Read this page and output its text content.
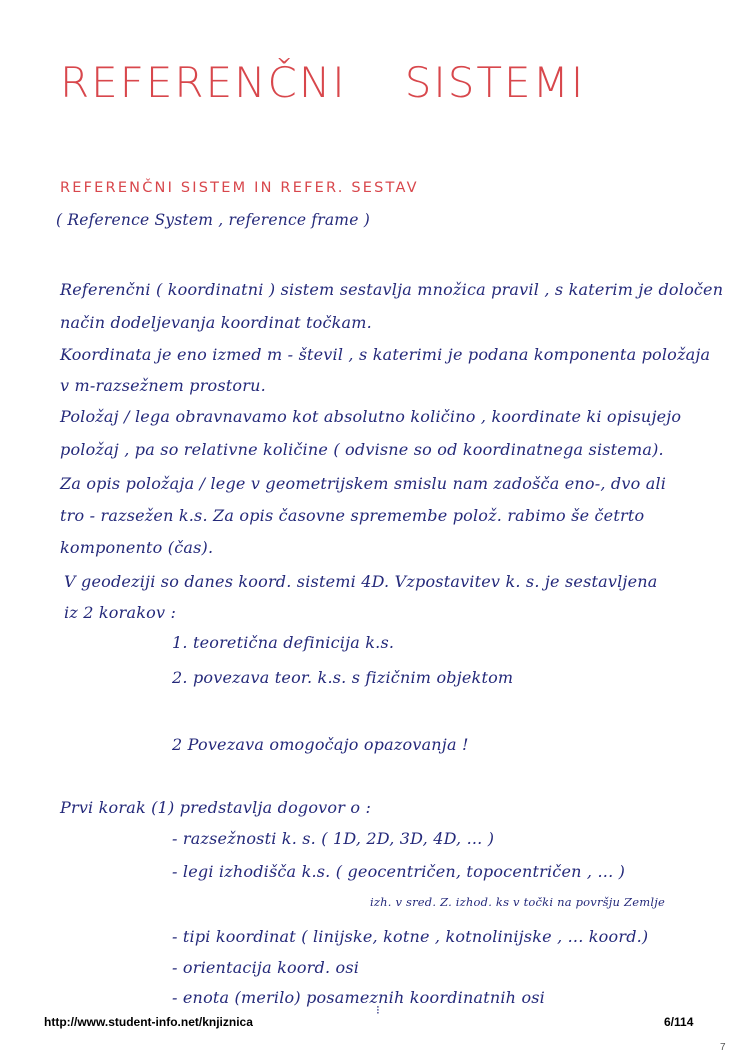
REFERENČNI SISTEMI
REFERENČNI SISTEM IN REFER. SESTAV
( Reference System , reference frame )
Referenčni ( koordinatni ) sistem sestavlja množica pravil , s katerim je določen
način dodeljevanja koordinat točkam.
Koordinata je eno izmed m - števil , s katerimi je podana komponenta položaja
v m-razsežnem prostoru.
Položaj / lega obravnavamo kot absolutno količino , koordinate ki opisujejo
položaj , pa so relativne količine ( odvisne so od koordinatnega sistema).
Za opis položaja / lege v geometrijskem smislu nam zadošča eno-, dvo ali
tro - razsežen k.s. Za opis časovne spremembe polož. rabimo še četrto
komponento (čas).
V geodeziji so danes koord. sistemi 4D. Vzpostavitev k. s. je sestavljena
iz 2 korakov :
1. teoretična definicija k.s.
2. povezava teor. k.s. s fizičnim objektom
2 Povezava omogočajo opazovanja !
Prvi korak (1) predstavlja dogovor o :
- razsežnosti k. s. ( 1D, 2D, 3D, 4D, ... )
- legi izhodišča k.s. ( geocentričen, topocentričen , ... )
izh. v sred. Z. izhod. ks v točki na površju Zemlje
- tipi koordinat ( linijske, kotne , kotnolinijske , ... koord.)
- orientacija koord. osi
- enota (merilo) posameznih koordinatnih osi
⁝
http://www.student-info.net/knjiznica	6/114
7
